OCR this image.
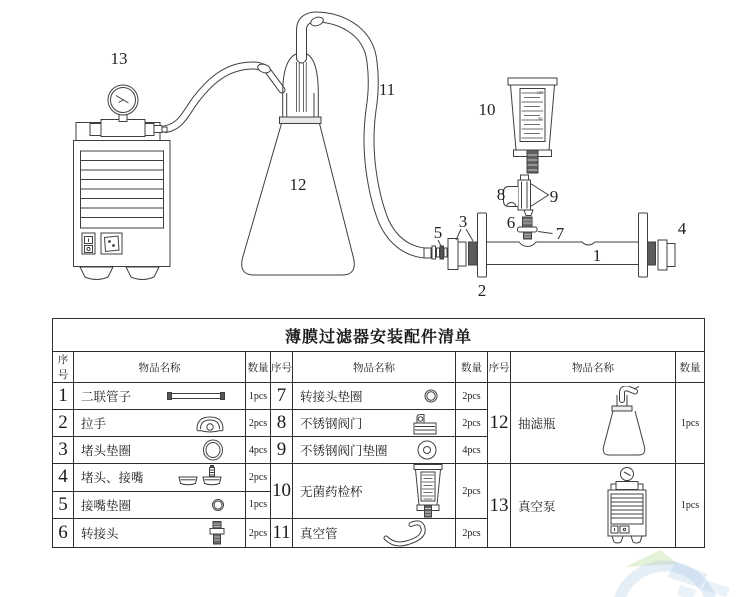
100
50
1
2
3	4
5
6
7
8	9
10
11
12
13
薄膜过滤器安装配件清单								
序号	物品名称	数量	序号	物品名称	数量	序号	物品名称	数量
1	二联管子	1pcs	7	转接头垫圈	2pcs	12	抽滤瓶	1pcs
2	拉手	2pcs	8	不锈钢阀门	2pcs			
3	堵头垫圈	4pcs	9	不锈钢阀门垫圈	4pcs			
4	堵头、接嘴	2pcs	10	无菌药检杯	2pcs	13	真空泵	1pcs
5	接嘴垫圈	1pcs						
6	转接头	2pcs	11	真空管	2pcs			
